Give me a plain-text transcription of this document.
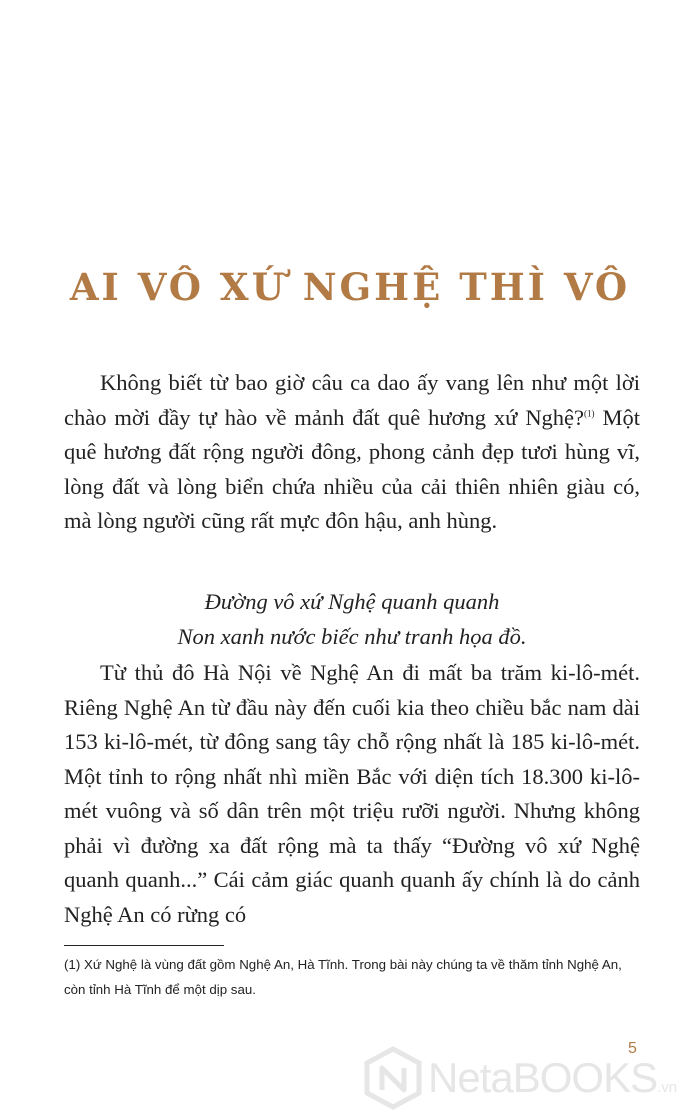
AI VÔ XỨ NGHỆ THÌ VÔ

Không biết từ bao giờ câu ca dao ấy vang lên như một lời chào mời đầy tự hào về mảnh đất quê hương xứ Nghệ?$^{(1)}$ Một quê hương đất rộng người đông, phong cảnh đẹp tươi hùng vĩ, lòng đất và lòng biển chứa nhiều của cải thiên nhiên giàu có, mà lòng người cũng rất mực đôn hậu, anh hùng.

Đường vô xứ Nghệ quanh quanh
Non xanh nước biếc như tranh họa đồ.

Từ thủ đô Hà Nội về Nghệ An đi mất ba trăm ki-lô-mét. Riêng Nghệ An từ đầu này đến cuối kia theo chiều bắc nam dài 153 ki-lô-mét, từ đông sang tây chỗ rộng nhất là 185 ki-lô-mét. Một tỉnh to rộng nhất nhì miền Bắc với diện tích 18.300 ki-lô-mét vuông và số dân trên một triệu rưỡi người. Nhưng không phải vì đường xa đất rộng mà ta thấy “Đường vô xứ Nghệ quanh quanh...” Cái cảm giác quanh quanh ấy chính là do cảnh Nghệ An có rừng có

(1) Xứ Nghệ là vùng đất gồm Nghệ An, Hà Tĩnh. Trong bài này chúng ta về thăm tỉnh Nghệ An, còn tỉnh Hà Tĩnh để một dịp sau.

5
NetaBOOKS.vn
